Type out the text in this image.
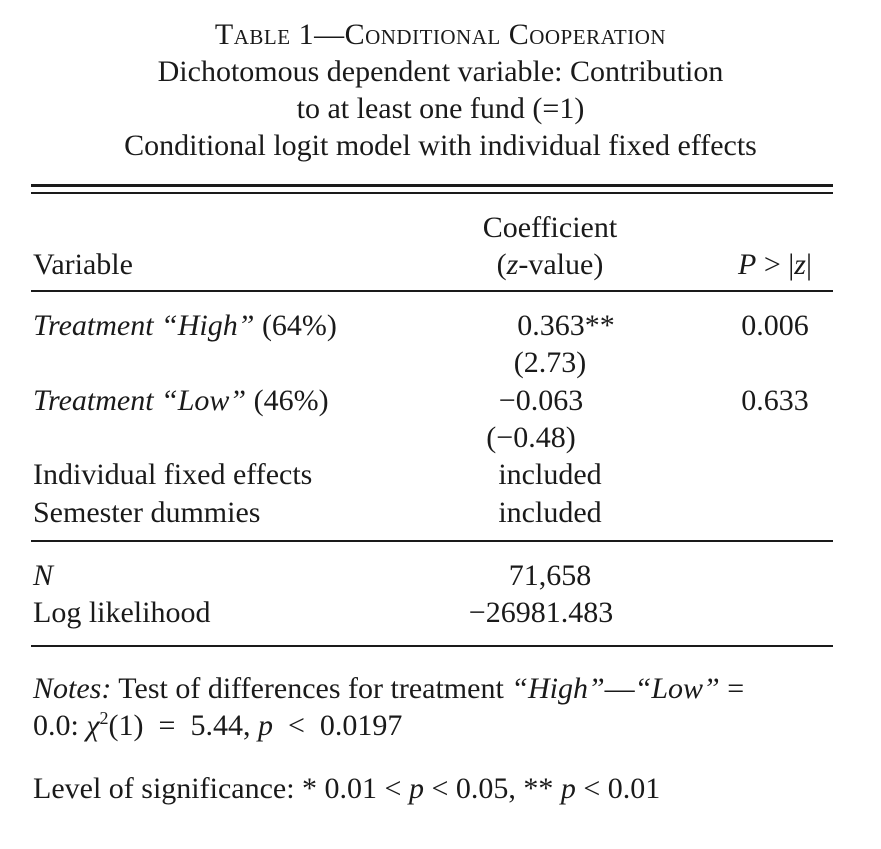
Table 1—Conditional Cooperation
Dichotomous dependent variable: Contribution
to at least one fund (=1)
Conditional logit model with individual fixed effects
Coefficient
Variable	(z-value)	P > |z|
Treatment “High” (64%)	0.363**	0.006
(2.73)
Treatment “Low” (46%)	−0.063	0.633
(−0.48)
Individual fixed effects	included
Semester dummies	included
N	71,658
Log likelihood	−26981.483
Notes: Test of differences for treatment “High”—“Low” =
0.0: $\chi^2(1) = 5.44$, p  <  0.0197
Level of significance: * 0.01 < p < 0.05, ** p < 0.01
